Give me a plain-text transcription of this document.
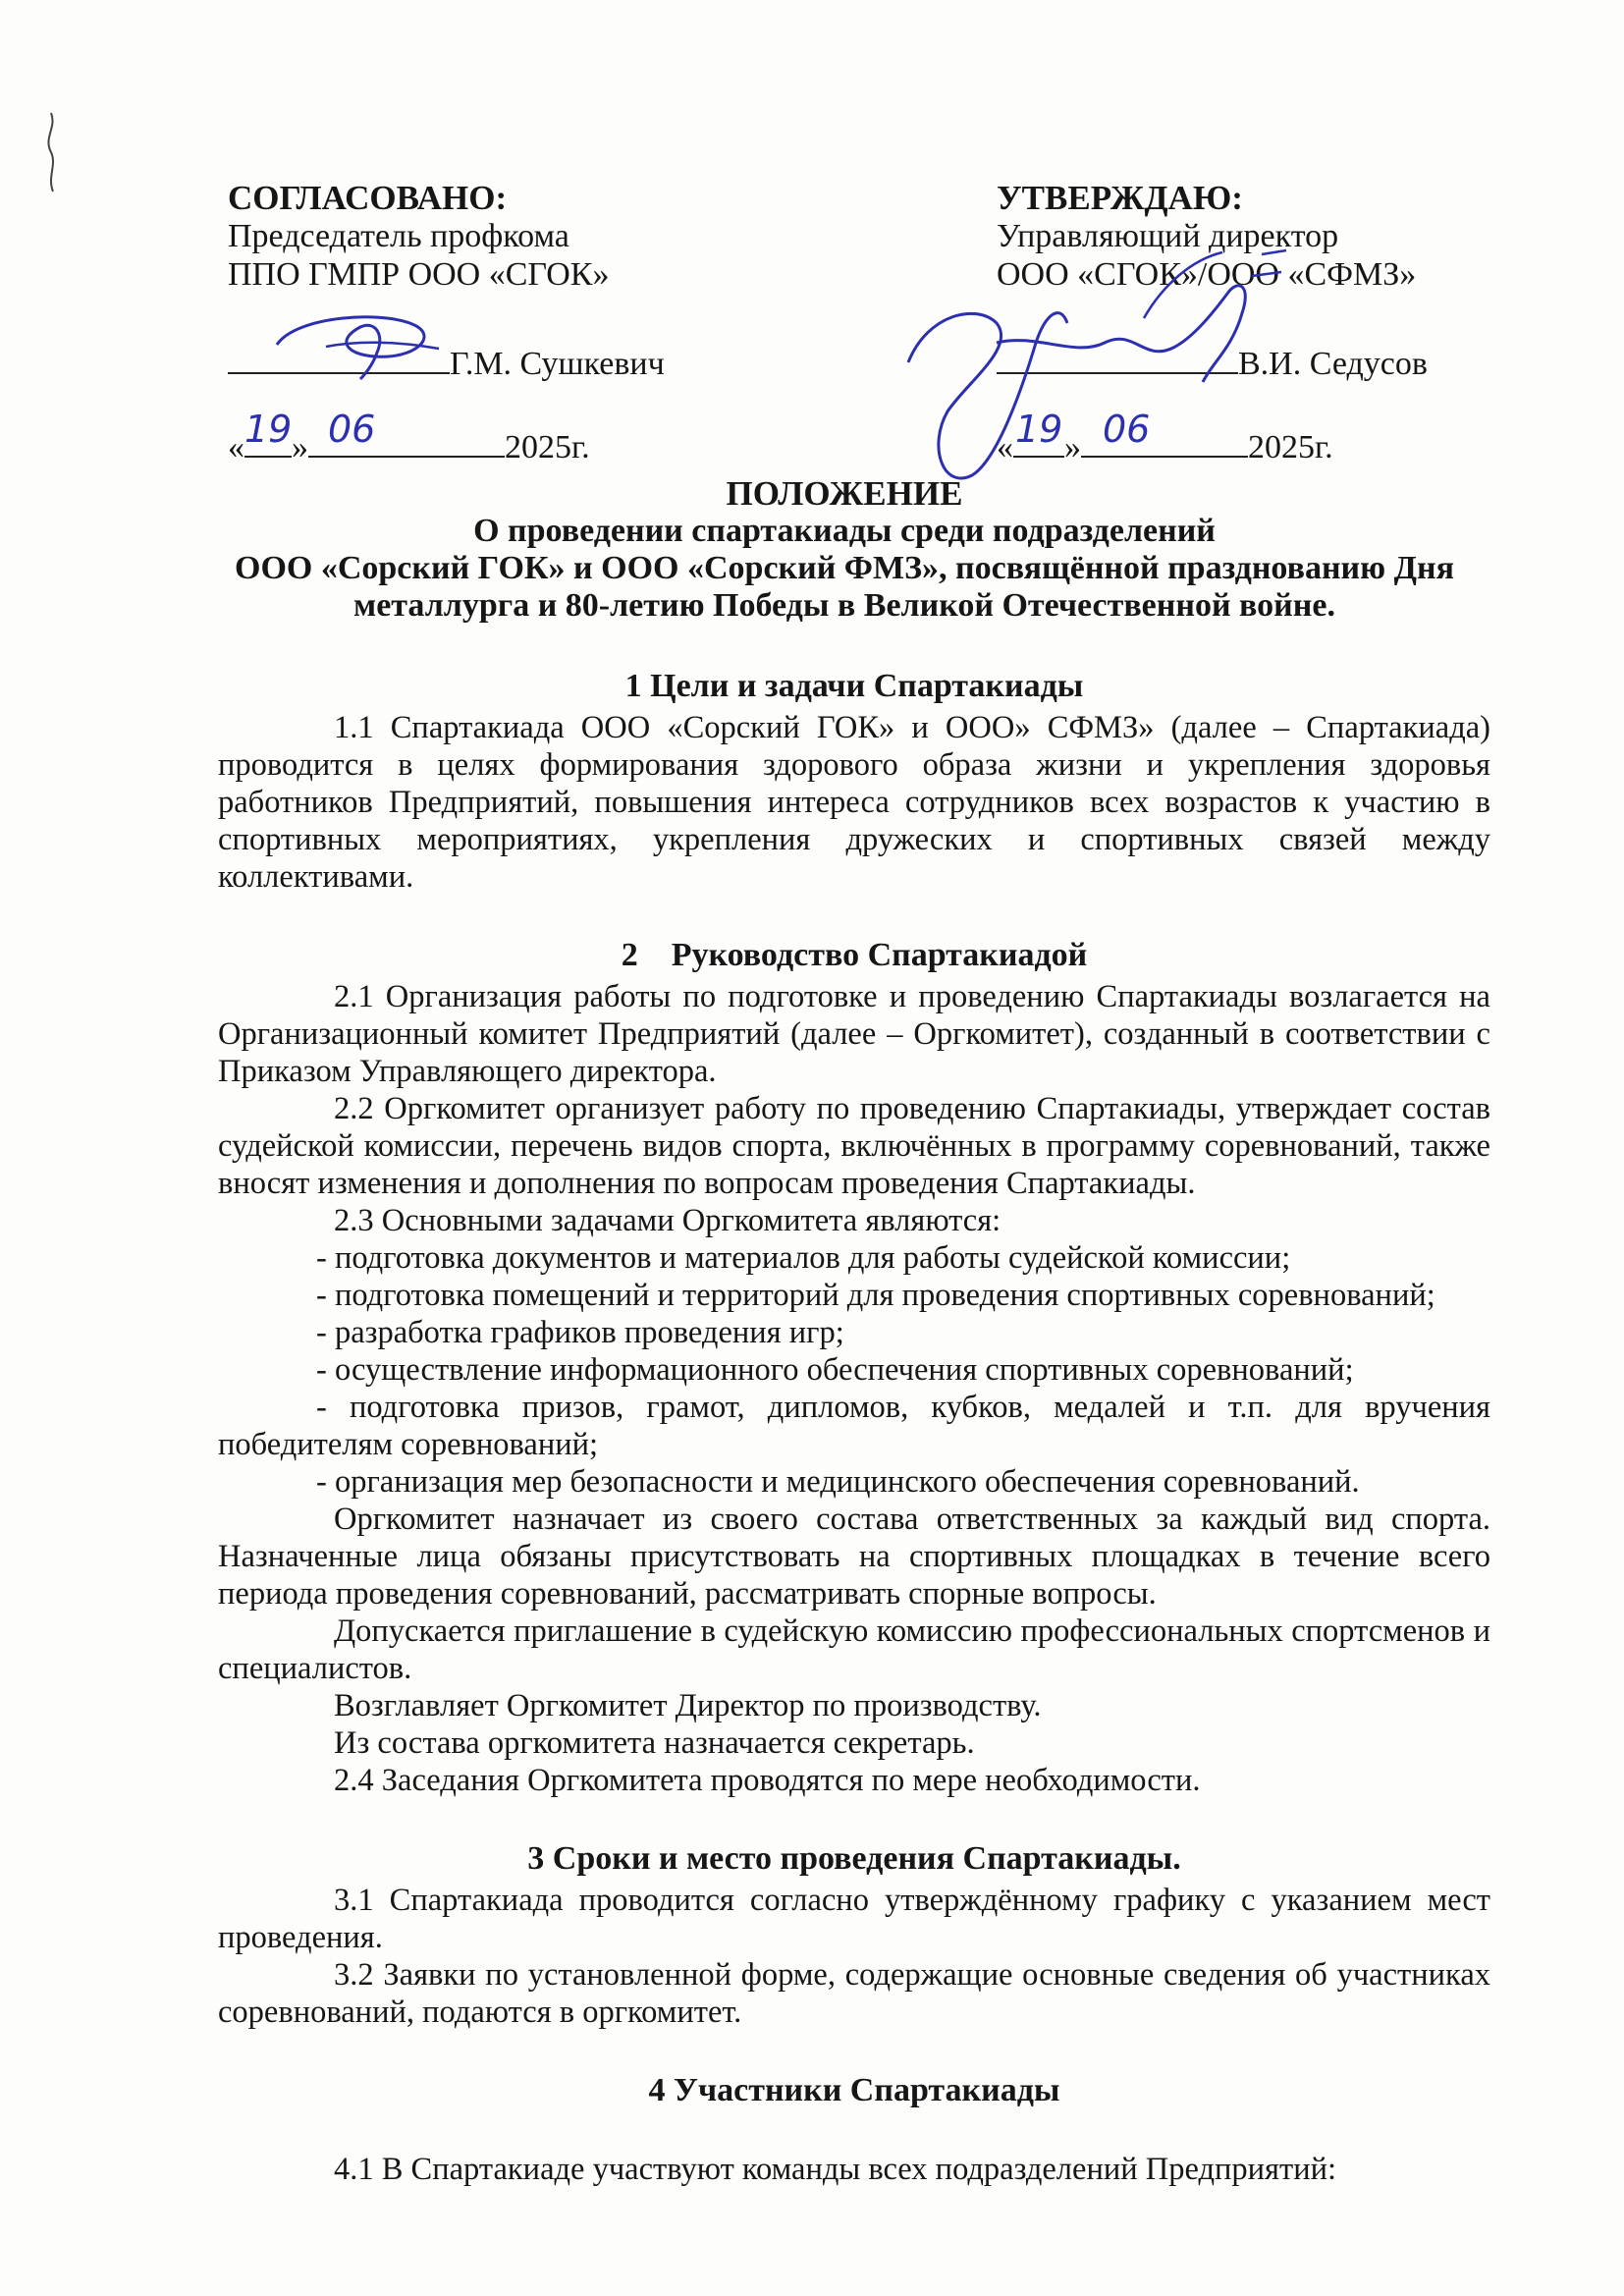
СОГЛАСОВАНО:
Председатель профкома
ППО ГМПР ООО «СГОК»
Г.М. Сушкевич
« 19 » 06	2025г.
УТВЕРЖДАЮ:
Управляющий директор
ООО «СГОК»/ООО «СФМЗ»
В.И. Седусов
« 19 » 06	2025г.
ПОЛОЖЕНИЕ
О проведении спартакиады среди подразделений
ООО «Сорский ГОК» и ООО «Сорский ФМЗ», посвящённой празднованию Дня
металлурга и 80-летию Победы в Великой Отечественной войне.
1 Цели и задачи Спартакиады

1.1 Спартакиада ООО «Сорский ГОК» и ООО» СФМЗ» (далее – Спартакиада) проводится в целях формирования здорового образа жизни и укрепления здоровья работников Предприятий, повышения интереса сотрудников всех возрастов к участию в спортивных мероприятиях, укрепления дружеских и спортивных связей между коллективами.

2    Руководство Спартакиадой

2.1 Организация работы по подготовке и проведению Спартакиады возлагается на Организационный комитет Предприятий (далее – Оргкомитет), созданный в соответствии с Приказом Управляющего директора.

2.2 Оргкомитет организует работу по проведению Спартакиады, утверждает состав судейской комиссии, перечень видов спорта, включённых в программу соревнований, также вносят изменения и дополнения по вопросам проведения Спартакиады.

2.3 Основными задачами Оргкомитета являются:

- подготовка документов и материалов для работы судейской комиссии;

- подготовка помещений и территорий для проведения спортивных соревнований;

- разработка графиков проведения игр;

- осуществление информационного обеспечения спортивных соревнований;

- подготовка призов, грамот, дипломов, кубков, медалей и т.п. для вручения победителям соревнований;

- организация мер безопасности и медицинского обеспечения соревнований.

Оргкомитет назначает из своего состава ответственных за каждый вид спорта. Назначенные лица обязаны присутствовать на спортивных площадках в течение всего периода проведения соревнований, рассматривать спорные вопросы.

Допускается приглашение в судейскую комиссию профессиональных спортсменов и специалистов.

Возглавляет Оргкомитет Директор по производству.

Из состава оргкомитета назначается секретарь.

2.4 Заседания Оргкомитета проводятся по мере необходимости.

3 Сроки и место проведения Спартакиады.

3.1 Спартакиада проводится согласно утверждённому графику с указанием мест проведения.

3.2 Заявки по установленной форме, содержащие основные сведения об участниках соревнований, подаются в оргкомитет.

4 Участники Спартакиады

4.1 В Спартакиаде участвуют команды всех подразделений Предприятий:
